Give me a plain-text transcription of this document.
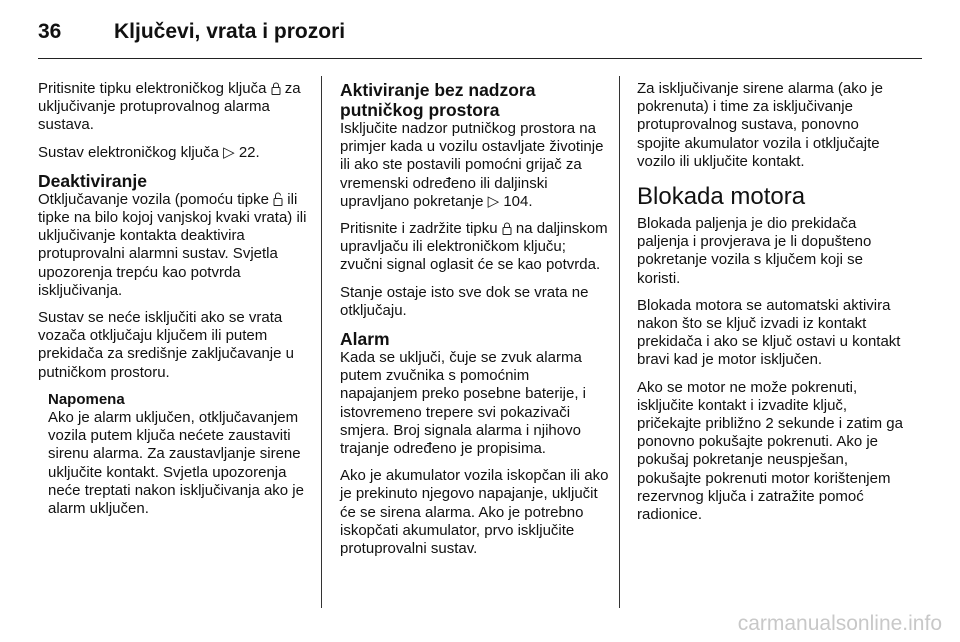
36	Ključevi, vrata i prozori

Pritisnite tipku elektroničkog ključa za uključivanje protuprovalnog alarma sustava.

Sustav elektroničkog ključa ▷ 22.

Deaktiviranje

Otključavanje vozila (pomoću tipke ili tipke na bilo kojoj vanjskoj kvaki vrata) ili uključivanje kontakta deaktivira protuprovalni alarmni sustav. Svjetla upozorenja trepću kao potvrda isključivanja.

Sustav se neće isključiti ako se vrata vozača otključaju ključem ili putem prekidača za središnje zaključavanje u putničkom prostoru.

Napomena
Ako je alarm uključen, otključavanjem vozila putem ključa nećete zaustaviti sirenu alarma. Za zaustavljanje sirene uključite kontakt. Svjetla upozorenja neće treptati nakon isključivanja ako je alarm uključen.
Aktiviranje bez nadzora putničkog prostora

Isključite nadzor putničkog prostora na primjer kada u vozilu ostavljate životinje ili ako ste postavili pomoćni grijač za vremenski određeno ili daljinski upravljano pokretanje ▷ 104.

Pritisnite i zadržite tipku na daljinskom upravljaču ili elektroničkom ključu; zvučni signal oglasit će se kao potvrda.

Stanje ostaje isto sve dok se vrata ne otključaju.

Alarm

Kada se uključi, čuje se zvuk alarma putem zvučnika s pomoćnim napajanjem preko posebne baterije, i istovremeno trepere svi pokazivači smjera. Broj signala alarma i njihovo trajanje određeno je propisima.

Ako je akumulator vozila iskopčan ili ako je prekinuto njegovo napajanje, uključit će se sirena alarma. Ako je potrebno iskopčati akumulator, prvo isključite protuprovalni sustav.

Za isključivanje sirene alarma (ako je pokrenuta) i time za isključivanje protuprovalnog sustava, ponovno spojite akumulator vozila i otključajte vozilo ili uključite kontakt.

Blokada motora

Blokada paljenja je dio prekidača paljenja i provjerava je li dopušteno pokretanje vozila s ključem koji se koristi.

Blokada motora se automatski aktivira nakon što se ključ izvadi iz kontakt prekidača i ako se ključ ostavi u kontakt bravi kad je motor isključen.

Ako se motor ne može pokrenuti, isključite kontakt i izvadite ključ, pričekajte približno 2 sekunde i zatim ga ponovno pokušajte pokrenuti. Ako je pokušaj pokretanje neuspješan, pokušajte pokrenuti motor korištenjem rezervnog ključa i zatražite pomoć radionice.

carmanualsonline.info
